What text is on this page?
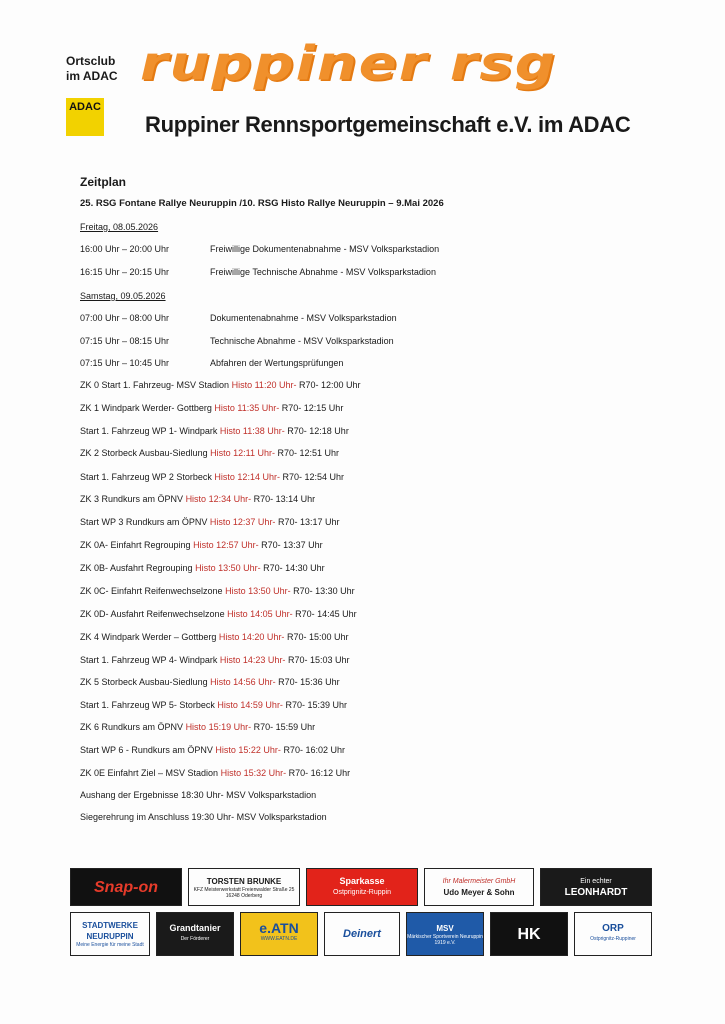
Ortsclub
im ADAC
ADAC
ruppiner rsg
Ruppiner Rennsportgemeinschaft e.V. im ADAC
Zeitplan
25. RSG Fontane Rallye Neuruppin /10. RSG Histo Rallye Neuruppin – 9.Mai 2026
Freitag, 08.05.2026
16:00 Uhr – 20:00 Uhr	Freiwillige Dokumentenabnahme - MSV Volksparkstadion
16:15 Uhr – 20:15 Uhr	Freiwillige Technische Abnahme - MSV Volksparkstadion
Samstag, 09.05.2026
07:00 Uhr – 08:00 Uhr	Dokumentenabnahme - MSV Volksparkstadion
07:15 Uhr – 08:15 Uhr	Technische Abnahme - MSV Volksparkstadion
07:15 Uhr – 10:45 Uhr	Abfahren der Wertungsprüfungen
ZK 0 Start 1. Fahrzeug- MSV Stadion Histo 11:20 Uhr- R70- 12:00 Uhr
ZK 1 Windpark Werder- Gottberg Histo 11:35 Uhr- R70- 12:15 Uhr
Start 1. Fahrzeug WP 1- Windpark Histo 11:38 Uhr- R70- 12:18 Uhr
ZK 2 Storbeck Ausbau-Siedlung Histo 12:11 Uhr- R70- 12:51 Uhr
Start 1. Fahrzeug WP 2 Storbeck Histo 12:14 Uhr- R70- 12:54 Uhr
ZK 3 Rundkurs am ÖPNV Histo 12:34 Uhr- R70- 13:14 Uhr
Start WP 3 Rundkurs am ÖPNV Histo 12:37 Uhr- R70- 13:17 Uhr
ZK 0A- Einfahrt Regrouping Histo 12:57 Uhr- R70- 13:37 Uhr
ZK 0B- Ausfahrt Regrouping Histo 13:50 Uhr- R70- 14:30 Uhr
ZK 0C- Einfahrt Reifenwechselzone Histo 13:50 Uhr- R70- 13:30 Uhr
ZK 0D- Ausfahrt Reifenwechselzone Histo 14:05 Uhr- R70- 14:45 Uhr
ZK 4 Windpark Werder – Gottberg Histo 14:20 Uhr- R70- 15:00 Uhr
Start 1. Fahrzeug WP 4- Windpark Histo 14:23 Uhr- R70- 15:03 Uhr
ZK 5 Storbeck Ausbau-Siedlung Histo 14:56 Uhr- R70- 15:36 Uhr
Start 1. Fahrzeug WP 5- Storbeck Histo 14:59 Uhr- R70- 15:39 Uhr
ZK 6 Rundkurs am ÖPNV Histo 15:19 Uhr- R70- 15:59 Uhr
Start WP 6 - Rundkurs am ÖPNV Histo 15:22 Uhr- R70- 16:02 Uhr
ZK 0E Einfahrt Ziel – MSV Stadion Histo 15:32 Uhr- R70- 16:12 Uhr
Aushang der Ergebnisse 18:30 Uhr- MSV Volksparkstadion
Siegerehrung im Anschluss 19:30 Uhr- MSV Volksparkstadion
Snap-on	TORSTEN BRUNKE
KFZ Meisterwerkstatt Freienwalder Straße 25 16248 Oderberg
Sparkasse
Ostprignitz-Ruppin
Ihr Malermeister GmbH
Udo Meyer & Sohn
Ein echter
LEONHARDT
STADTWERKE NEURUPPIN
Meine Energie für meine Stadt
Grandtanier
Der Förderer
e.ATN
WWW.EATN.DE	Deinert	MSV
Märkischer Sportverein Neuruppin 1919 e.V.	HK	ORP
Ostprignitz-Ruppiner
